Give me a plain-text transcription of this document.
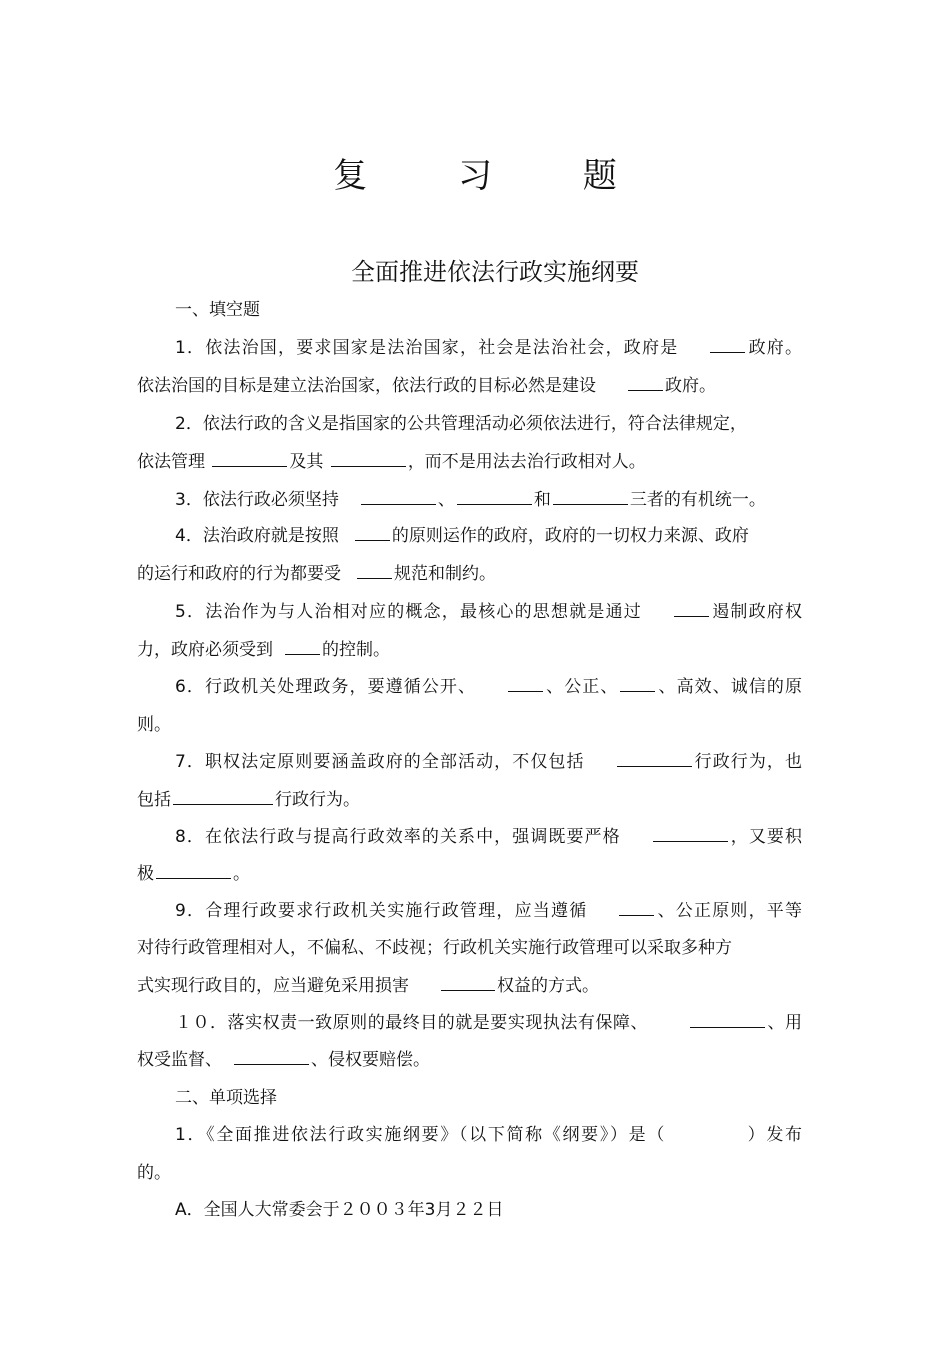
复 习 题
全面推进依法行政实施纲要
一、填空题
1．依法治国，要求国家是法治国家，社会是法治社会，政府是	政府。
依法治国的目标是建立法治国家，依法行政的目标必然是建设	政府。
2．依法行政的含义是指国家的公共管理活动必须依法进行，符合法律规定，
依法管理	及其	，而不是用法去治行政相对人。
3．依法行政必须坚持	、	和	三者的有机统一。
4．法治政府就是按照	的原则运作的政府，政府的一切权力来源、政府
的运行和政府的行为都要受	规范和制约。
5．法治作为与人治相对应的概念，最核心的思想就是通过	遏制政府权
力，政府必须受到	的控制。
6．行政机关处理政务，要遵循公开、	、公正、 、高效、诚信的原
则。
7．职权法定原则要涵盖政府的全部活动，不仅包括	行政行为，也
包括	行政行为。
8．在依法行政与提高行政效率的关系中，强调既要严格	，又要积
极	。
9．合理行政要求行政机关实施行政管理，应当遵循	、公正原则，平等
对待行政管理相对人，不偏私、不歧视；行政机关实施行政管理可以采取多种方
式实现行政目的，应当避免采用损害	权益的方式。
１０．落实权责一致原则的最终目的就是要实现执法有保障、	、用
权受监督、	、侵权要赔偿。
二、单项选择
1．《全面推进依法行政实施纲要》（以下简称《纲要》）是（	）发布
的。
A．全国人大常委会于２００３年3月２２日
